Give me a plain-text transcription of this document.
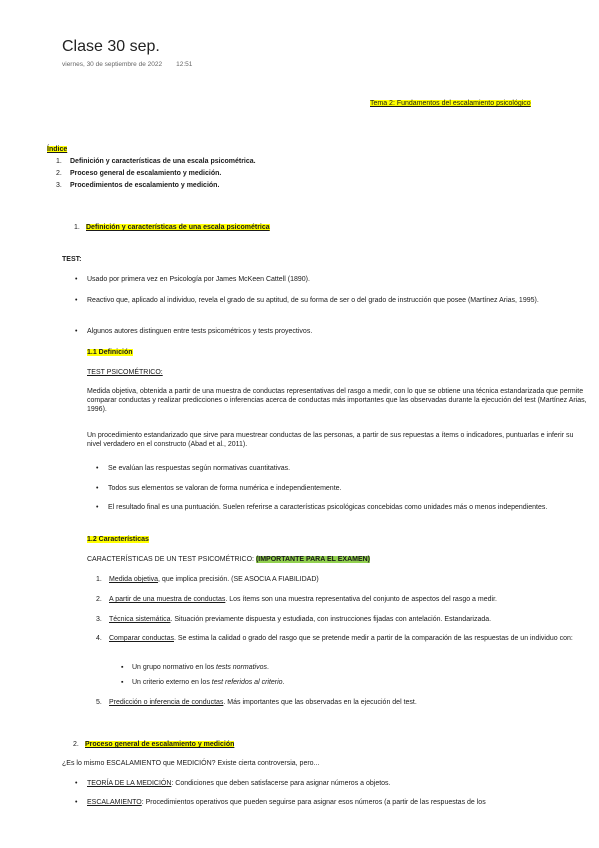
Clase 30 sep.
viernes, 30 de septiembre de 2022 12:51
Tema 2: Fundamentos del escalamiento psicológico
Índice
1. Definición y características de una escala psicométrica.
2. Proceso general de escalamiento y medición.
3. Procedimientos de escalamiento y medición.
1. Definición y características de una escala psicométrica
TEST:
• Usado por primera vez en Psicología por James McKeen Cattell (1890).
• Reactivo que, aplicado al individuo, revela el grado de su aptitud, de su forma de ser o del grado de instrucción que posee (Martínez Arias, 1995).
• Algunos autores distinguen entre tests psicométricos y tests proyectivos.
1.1 Definición
TEST PSICOMÉTRICO:
Medida objetiva, obtenida a partir de una muestra de conductas representativas del rasgo a medir, con lo que se obtiene una técnica estandarizada que permite comparar conductas y realizar predicciones o inferencias acerca de conductas más importantes que las observadas durante la ejecución del test (Martínez Arias, 1996).
Un procedimiento estandarizado que sirve para muestrear conductas de las personas, a partir de sus repuestas a ítems o indicadores, puntuarlas e inferir su nivel verdadero en el constructo (Abad et al., 2011).
• Se evalúan las respuestas según normativas cuantitativas.
• Todos sus elementos se valoran de forma numérica e independientemente.
• El resultado final es una puntuación. Suelen referirse a características psicológicas concebidas como unidades más o menos independientes.
1.2 Características
CARACTERÍSTICAS DE UN TEST PSICOMÉTRICO: (IMPORTANTE PARA EL EXAMEN)
1. Medida objetiva, que implica precisión. (SE ASOCIA A FIABILIDAD)
2. A partir de una muestra de conductas. Los ítems son una muestra representativa del conjunto de aspectos del rasgo a medir.
3. Técnica sistemática. Situación previamente dispuesta y estudiada, con instrucciones fijadas con antelación. Estandarizada.
4. Comparar conductas. Se estima la calidad o grado del rasgo que se pretende medir a partir de la comparación de las respuestas de un individuo con:
▪ Un grupo normativo en los tests normativos.
▪ Un criterio externo en los test referidos al criterio.
5. Predicción o inferencia de conductas. Más importantes que las observadas en la ejecución del test.
2. Proceso general de escalamiento y medición
¿Es lo mismo ESCALAMIENTO que MEDICIÓN? Existe cierta controversia, pero...
• TEORÍA DE LA MEDICIÓN: Condiciones que deben satisfacerse para asignar números a objetos.
• ESCALAMIENTO: Procedimientos operativos que pueden seguirse para asignar esos números (a partir de las respuestas de los
